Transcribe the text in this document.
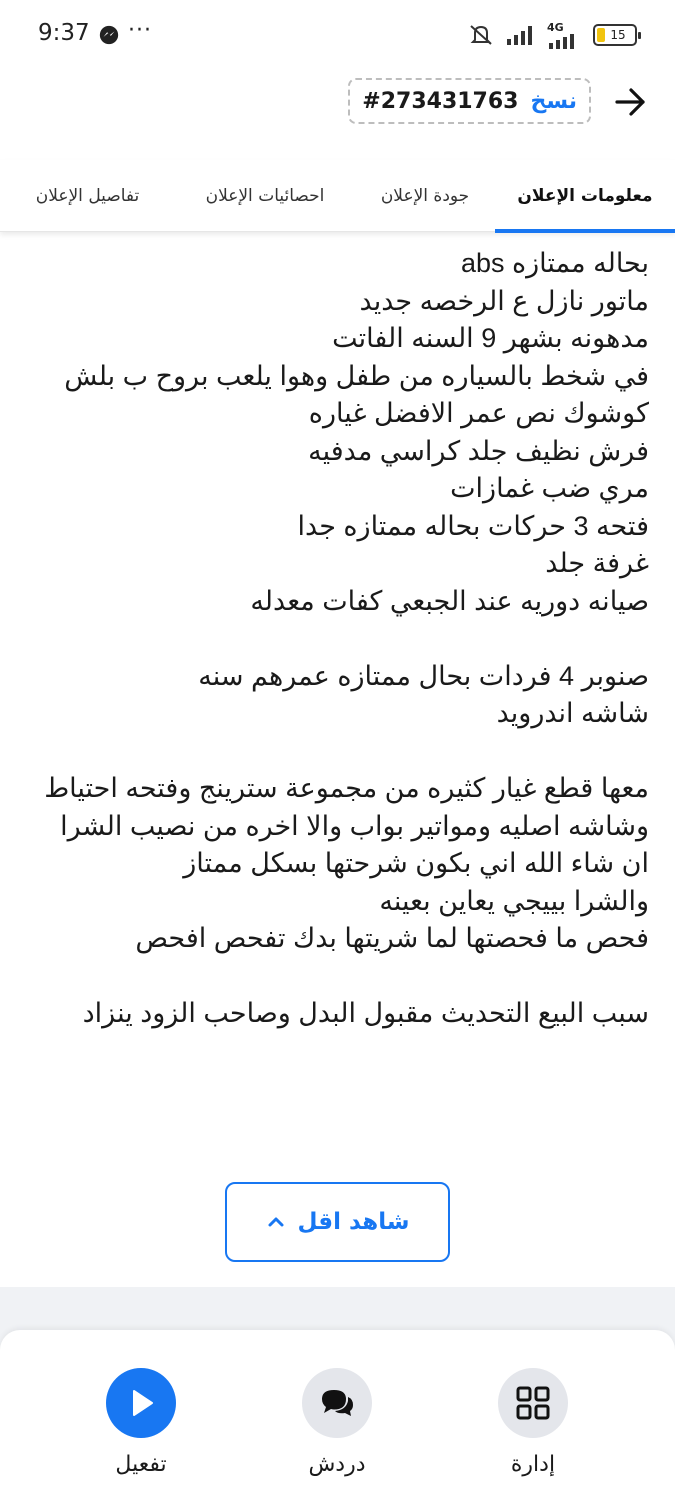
9:37 ···	4G
15
نسخ
#273431763
معلومات الإعلان
جودة الإعلان
احصائيات الإعلان
تفاصيل الإعلان
بحاله ممتازه abs
ماتور نازل ع الرخصه جديد
مدهونه بشهر 9 السنه الفاتت
في شخط بالسياره من طفل وهوا يلعب بروح ب بلش
كوشوك نص عمر الافضل غياره
فرش نظيف جلد كراسي مدفيه
مري ضب غمازات
فتحه 3 حركات بحاله ممتازه جدا
غرفة جلد
صيانه دوريه عند الجبعي كفات معدله
صنوبر 4 فردات بحال ممتازه عمرهم سنه
شاشه اندرويد
معها قطع غيار كثيره من مجموعة سترينج وفتحه احتياط
وشاشه اصليه ومواتير بواب والا اخره من نصيب الشرا
ان شاء الله اني بكون شرحتها بسكل ممتاز
والشرا بييجي يعاين بعينه
فحص ما فحصتها لما شريتها بدك تفحص افحص
سبب البيع التحديث مقبول البدل وصاحب الزود ينزاد
شاهد اقل
إدارة
دردش
تفعيل
